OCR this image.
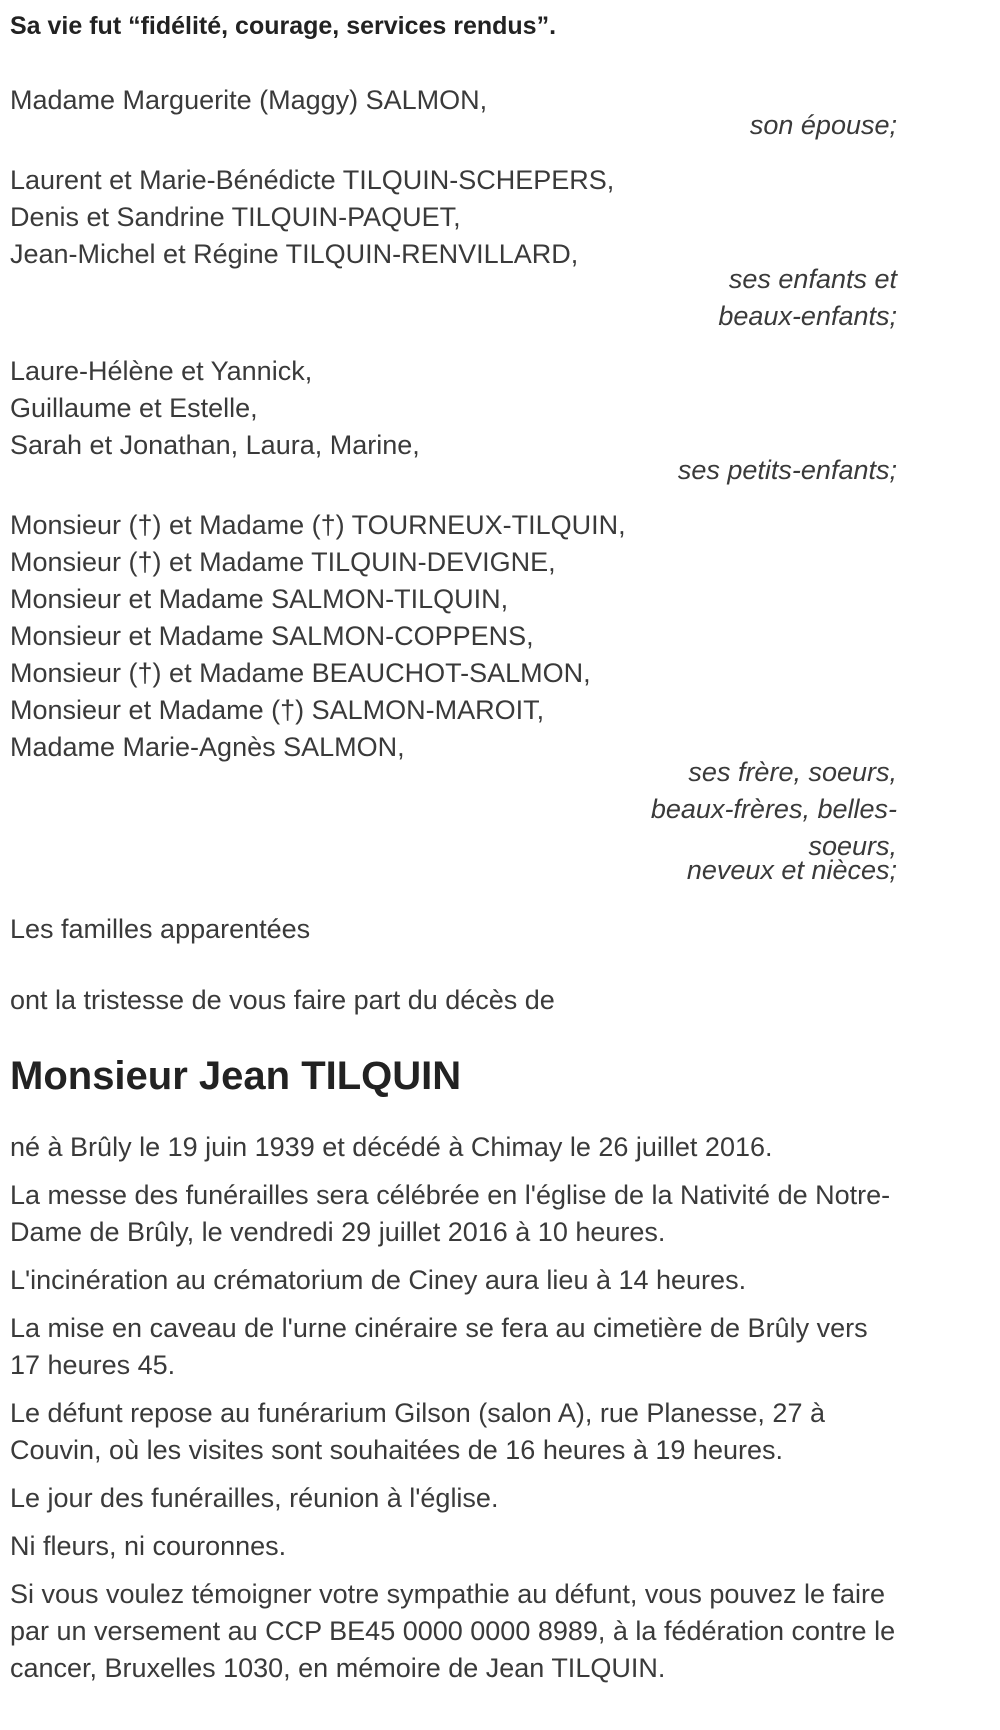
Sa vie fut “fidélité, courage, services rendus”.

Madame Marguerite (Maggy) SALMON,
son épouse;
Laurent et Marie-Bénédicte TILQUIN-SCHEPERS,
Denis et Sandrine TILQUIN-PAQUET,
Jean-Michel et Régine TILQUIN-RENVILLARD,
ses enfants et
beaux-enfants;
Laure-Hélène et Yannick,
Guillaume et Estelle,
Sarah et Jonathan, Laura, Marine,
ses petits-enfants;
Monsieur (†) et Madame (†) TOURNEUX-TILQUIN,
Monsieur (†) et Madame TILQUIN-DEVIGNE,
Monsieur et Madame SALMON-TILQUIN,
Monsieur et Madame SALMON-COPPENS,
Monsieur (†) et Madame BEAUCHOT-SALMON,
Monsieur et Madame (†) SALMON-MAROIT,
Madame Marie-Agnès SALMON,
ses frère, soeurs,
beaux-frères, belles-
soeurs,
neveux et nièces;

Les familles apparentées

ont la tristesse de vous faire part du décès de

Monsieur Jean TILQUIN

né à Brûly le 19 juin 1939 et décédé à Chimay le 26 juillet 2016.

La messe des funérailles sera célébrée en l'église de la Nativité de Notre-Dame de Brûly, le vendredi 29 juillet 2016 à 10 heures.

L'incinération au crématorium de Ciney aura lieu à 14 heures.

La mise en caveau de l'urne cinéraire se fera au cimetière de Brûly vers 17 heures 45.

Le défunt repose au funérarium Gilson (salon A), rue Planesse, 27 à Couvin, où les visites sont souhaitées de 16 heures à 19 heures.

Le jour des funérailles, réunion à l'église.

Ni fleurs, ni couronnes.

Si vous voulez témoigner votre sympathie au défunt, vous pouvez le faire par un versement au CCP BE45 0000 0000 8989, à la fédération contre le cancer, Bruxelles 1030, en mémoire de Jean TILQUIN.
